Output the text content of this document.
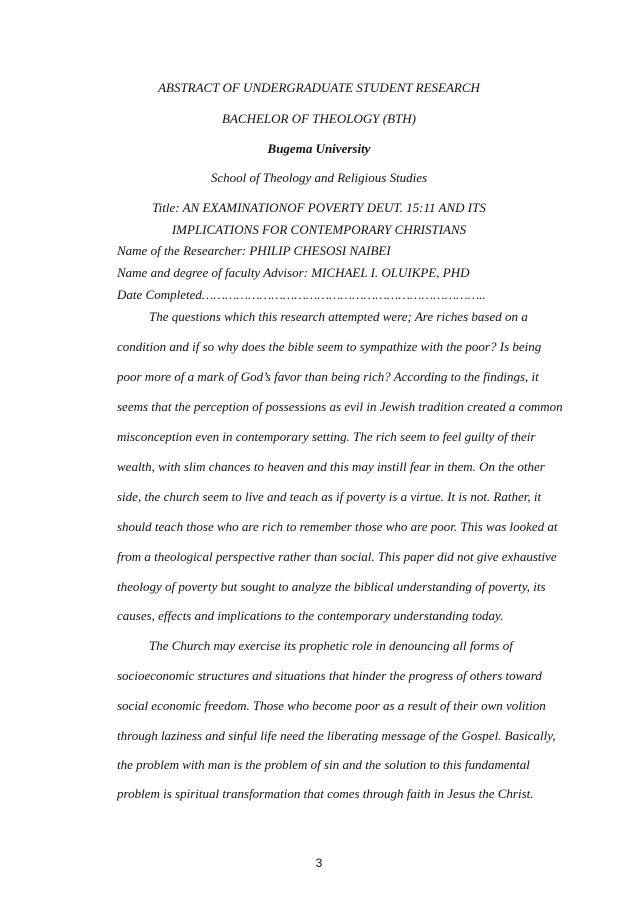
ABSTRACT OF UNDERGRADUATE STUDENT RESEARCH
BACHELOR OF THEOLOGY (BTH)
Bugema University
School of Theology and Religious Studies
Title: AN EXAMINATIONOF POVERTY DEUT. 15:11 AND ITS
IMPLICATIONS FOR CONTEMPORARY CHRISTIANS
Name of the Researcher: PHILIP CHESOSI NAIBEI
Name and degree of faculty Advisor: MICHAEL I. OLUIKPE, PHD
Date Completed………………………………………………………………..
The questions which this research attempted were; Are riches based on a
condition and if so why does the bible seem to sympathize with the poor? Is being
poor more of a mark of God’s favor than being rich? According to the findings, it
seems that the perception of possessions as evil in Jewish tradition created a common
misconception even in contemporary setting. The rich seem to feel guilty of their
wealth, with slim chances to heaven and this may instill fear in them. On the other
side, the church seem to live and teach as if poverty is a virtue. It is not. Rather, it
should teach those who are rich to remember those who are poor. This was looked at
from a theological perspective rather than social. This paper did not give exhaustive
theology of poverty but sought to analyze the biblical understanding of poverty, its
causes, effects and implications to the contemporary understanding today.
The Church may exercise its prophetic role in denouncing all forms of
socioeconomic structures and situations that hinder the progress of others toward
social economic freedom. Those who become poor as a result of their own volition
through laziness and sinful life need the liberating message of the Gospel. Basically,
the problem with man is the problem of sin and the solution to this fundamental
problem is spiritual transformation that comes through faith in Jesus the Christ.
3
